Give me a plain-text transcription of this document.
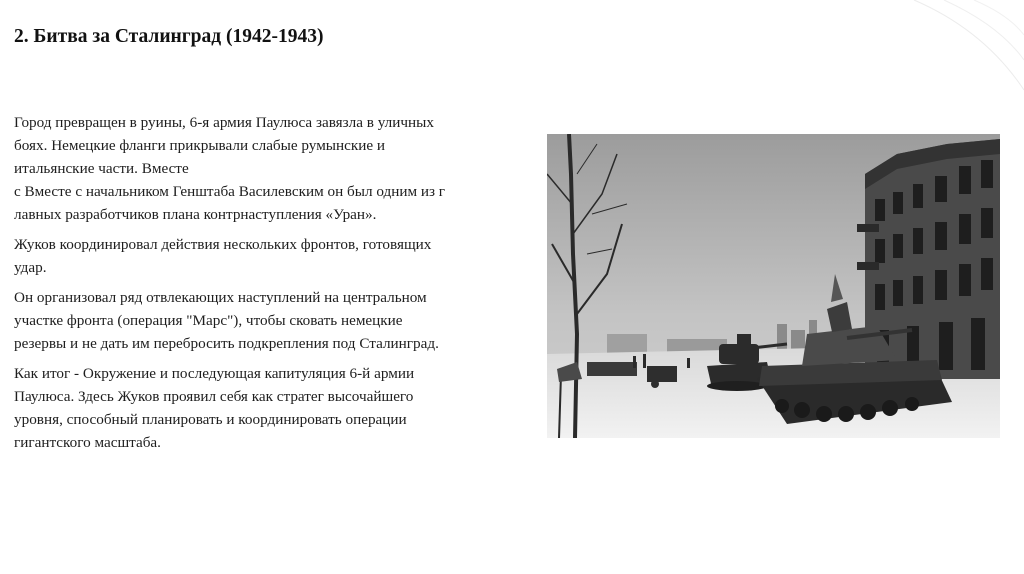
2. Битва за Сталинград (1942-1943)

Город превращен в руины, 6-я армия Паулюса завязла в уличных
боях. Немецкие фланги прикрывали слабые румынские и
итальянские части. Вместе
с Вместе с начальником Генштаба Василевским он был одним из г
лавных разработчиков плана контрнаступления «Уран».

Жуков координировал действия нескольких фронтов, готовящих
удар.

Он организовал ряд отвлекающих наступлений на центральном
участке фронта (операция "Марс"), чтобы сковать немецкие
резервы и не дать им перебросить подкрепления под Сталинград.

Как итог - Окружение и последующая капитуляция 6-й армии
Паулюса. Здесь Жуков проявил себя как стратег высочайшего
уровня, способный планировать и координировать операции
гигантского масштаба.
